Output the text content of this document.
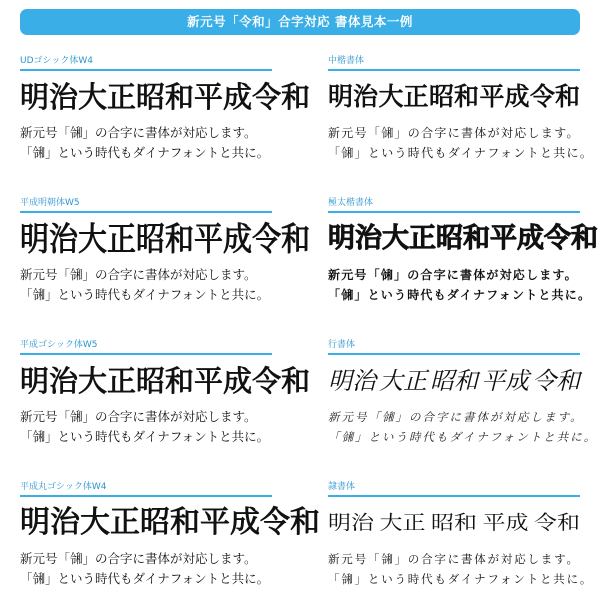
新元号「令和」合字対応 書体見本一例
UDゴシック体W4
明治 大正 昭和 平成 令和
新元号「㋿」の合字に書体が対応します。
「㋿」という時代もダイナフォントと共に。
平成明朝体W5
明治 大正 昭和 平成 令和
新元号「㋿」の合字に書体が対応します。
「㋿」という時代もダイナフォントと共に。
平成ゴシック体W5
明治 大正 昭和 平成 令和
新元号「㋿」の合字に書体が対応します。
「㋿」という時代もダイナフォントと共に。
平成丸ゴシック体W4
明治 大正 昭和 平成 令和
新元号「㋿」の合字に書体が対応します。
「㋿」という時代もダイナフォントと共に。
中楷書体
明治 大正 昭和 平成 令和
新元号「㋿」の合字に書体が対応します。
「㋿」という時代もダイナフォントと共に。
極太楷書体
明治 大正 昭和 平成 令和
新元号「㋿」の合字に書体が対応します。
「㋿」という時代もダイナフォントと共に。
行書体
明治 大正 昭和 平成 令和
新元号「㋿」の合字に書体が対応します。
「㋿」という時代もダイナフォントと共に。
隷書体
明治 大正 昭和 平成 令和
新元号「㋿」の合字に書体が対応します。
「㋿」という時代もダイナフォントと共に。
